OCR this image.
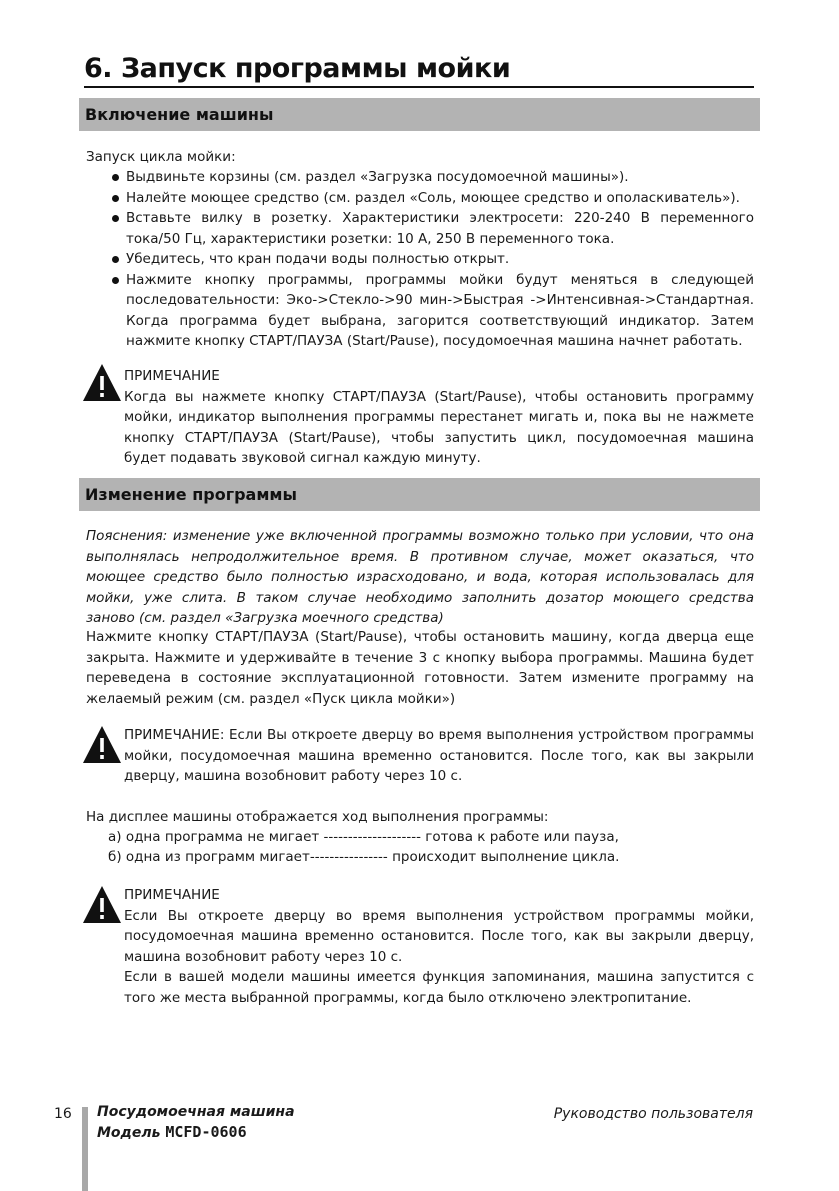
6. Запуск программы мойки
Включение машины
Запуск цикла мойки:
Выдвиньте корзины (см. раздел «Загрузка посудомоечной машины»).
Налейте моющее средство (см. раздел «Соль, моющее средство и ополаскиватель»).
Вставьте вилку в розетку. Характеристики электросети: 220-240 В переменного тока/50 Гц, характеристики розетки: 10 А, 250 В переменного тока.
Убедитесь, что кран подачи воды полностью открыт.
Нажмите кнопку программы, программы мойки будут меняться в следующей последовательности: Эко->Стекло->90 мин->Быстрая ->Интенсивная->Стандартная. Когда программа будет выбрана, загорится соответствующий индикатор. Затем нажмите кнопку СТАРТ/ПАУЗА (Start/Pause), посудомоечная машина начнет работать.
ПРИМЕЧАНИЕ
Когда вы нажмете кнопку СТАРТ/ПАУЗА (Start/Pause), чтобы остановить программу мойки, индикатор выполнения программы перестанет мигать и, пока вы не нажмете кнопку СТАРТ/ПАУЗА (Start/Pause), чтобы запустить цикл, посудомоечная машина будет подавать звуковой сигнал каждую минуту.
Изменение программы
Пояснения: изменение уже включенной программы возможно только при условии, что она выполнялась непродолжительное время. В противном случае, может оказаться, что моющее средство было полностью израсходовано, и вода, которая использовалась для мойки, уже слита. В таком случае необходимо заполнить дозатор моющего средства заново (см. раздел «Загрузка моечного средства)
Нажмите кнопку СТАРТ/ПАУЗА (Start/Pause), чтобы остановить машину, когда дверца еще закрыта. Нажмите и удерживайте в течение 3 с кнопку выбора программы. Машина будет переведена в состояние эксплуатационной готовности. Затем измените программу на желаемый режим (см. раздел «Пуск цикла мойки»)
ПРИМЕЧАНИЕ: Если Вы откроете дверцу во время выполнения устройством программы мойки, посудомоечная машина временно остановится. После того, как вы закрыли дверцу, машина возобновит работу через 10 с.
На дисплее машины отображается ход выполнения программы:
а) одна программа не мигает -------------------- готова к работе или пауза,
б) одна из программ мигает---------------- происходит выполнение цикла.
ПРИМЕЧАНИЕ
Если Вы откроете дверцу во время выполнения устройством программы мойки, посудомоечная машина временно остановится. После того, как вы закрыли дверцу, машина возобновит работу через 10 с.
Если в вашей модели машины имеется функция запоминания, машина запустится с того же места выбранной программы, когда было отключено электропитание.
16 Посудомоечная машина
Модель MCFD-0606
Руководство пользователя
